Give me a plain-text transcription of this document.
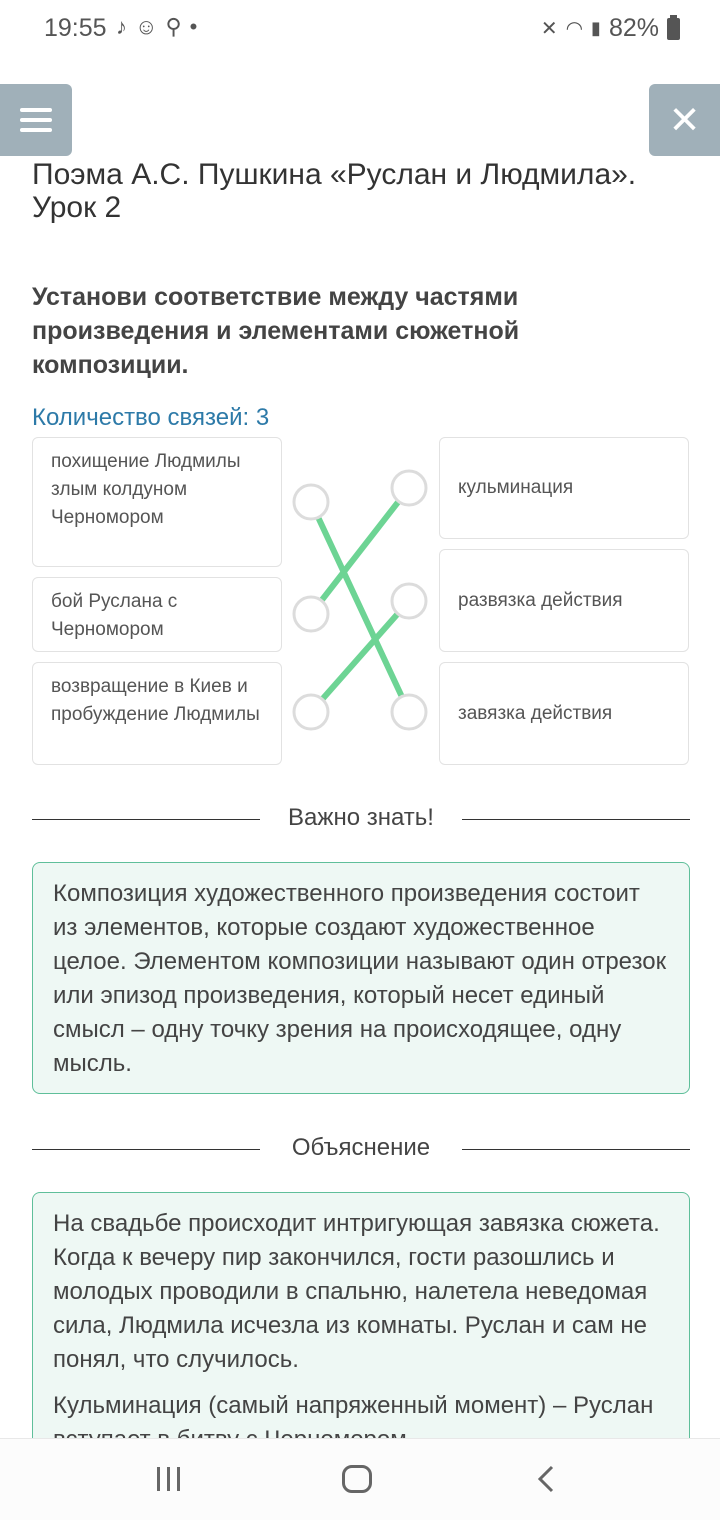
19:55 ♪ ☺ ⚲ •	✕ ◠ ▮ 82%
✕
Поэма А.С. Пушкина «Руслан и Людмила». Урок 2
Установи соответствие между частями произведения и элементами сюжетной композиции.
Количество связей: 3
похищение Людмилы злым колдуном Черномором
бой Руслана с Черномором
возвращение в Киев и пробуждение Людмилы
кульминация
развязка действия
завязка действия
Важно знать!

Композиция художественного произведения состоит из элементов, которые создают художественное целое. Элементом композиции называют один отрезок или эпизод произведения, который несет единый смысл – одну точку зрения на происходящее, одну мысль.

Объяснение

На свадьбе происходит интригующая завязка сюжета. Когда к вечеру пир закончился, гости разошлись и молодых проводили в спальню, налетела неведомая сила, Людмила исчезла из комнаты. Руслан и сам не понял, что случилось.

Кульминация (самый напряженный момент) – Руслан
